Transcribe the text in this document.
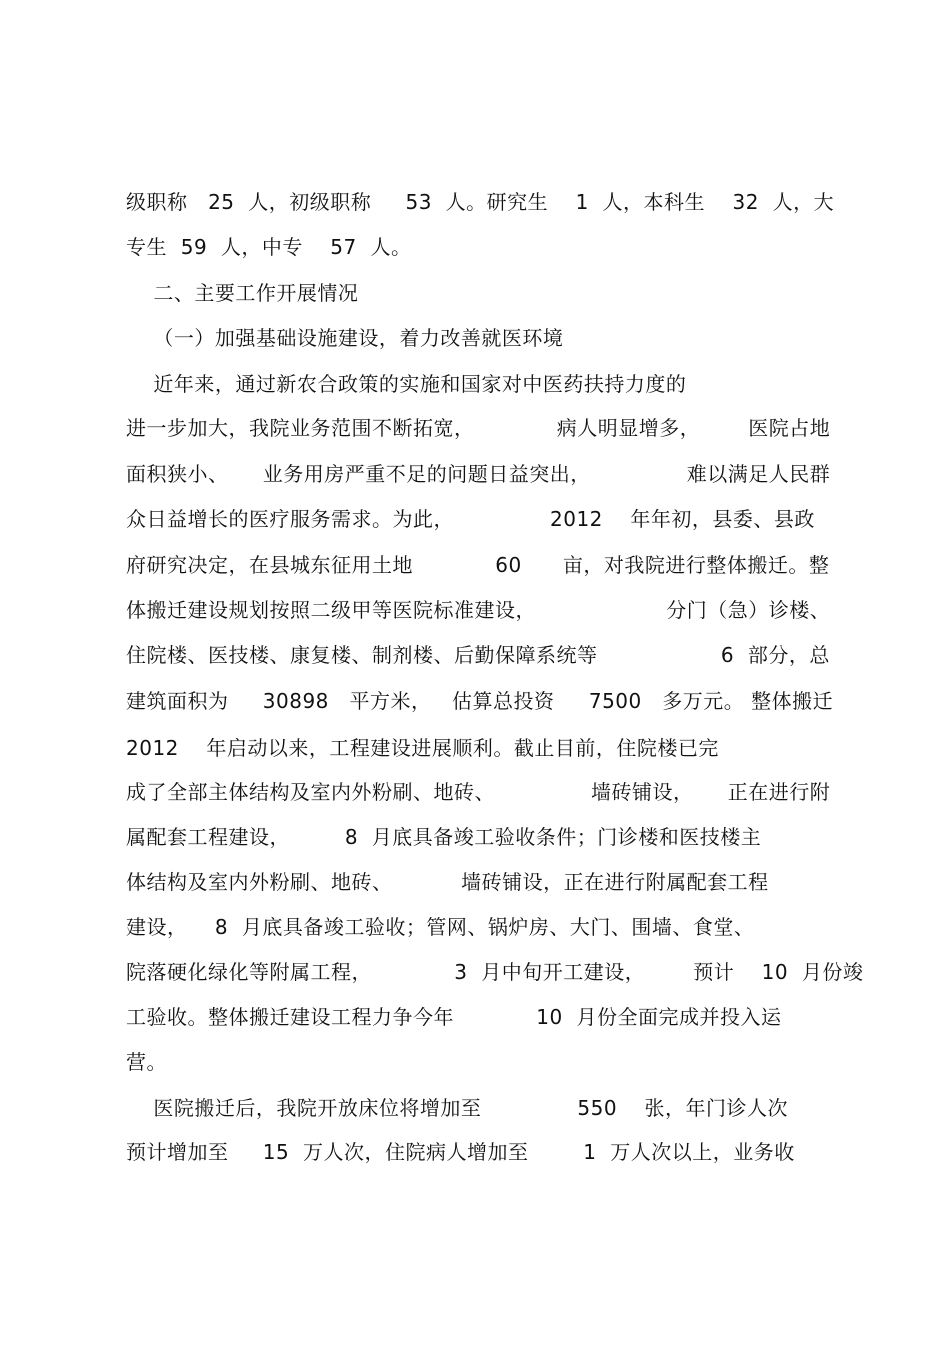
级职称   25  人，初级职称     53  人。研究生    1  人，本科生    32  人，大
专生  59  人，中专    57  人。
二、主要工作开展情况
（一）加强基础设施建设，着力改善就医环境
近年来，通过新农合政策的实施和国家对中医药扶持力度的
进一步加大，我院业务范围不断拓宽，            病人明显增多，       医院占地
面积狭小、     业务用房严重不足的问题日益突出，              难以满足人民群
众日益增长的医疗服务需求。为此，              2012    年年初，县委、县政
府研究决定，在县城东征用土地            60      亩，对我院进行整体搬迁。整
体搬迁建设规划按照二级甲等医院标准建设，                   分门（急）诊楼、
住院楼、医技楼、康复楼、制剂楼、后勤保障系统等                  6  部分，总
建筑面积为     30898   平方米，   估算总投资     7500   多万元。 整体搬迁
2012    年启动以来，工程建设进展顺利。截止目前，住院楼已完
成了全部主体结构及室内外粉刷、地砖、              墙砖铺设，     正在进行附
属配套工程建设，        8  月底具备竣工验收条件；门诊楼和医技楼主
体结构及室内外粉刷、地砖、          墙砖铺设，正在进行附属配套工程
建设，    8  月底具备竣工验收；管网、锅炉房、大门、围墙、食堂、
院落硬化绿化等附属工程，            3  月中旬开工建设，       预计    10  月份竣
工验收。整体搬迁建设工程力争今年            10  月份全面完成并投入运
营。
医院搬迁后，我院开放床位将增加至              550    张，年门诊人次
预计增加至     15  万人次，住院病人增加至        1  万人次以上，业务收
